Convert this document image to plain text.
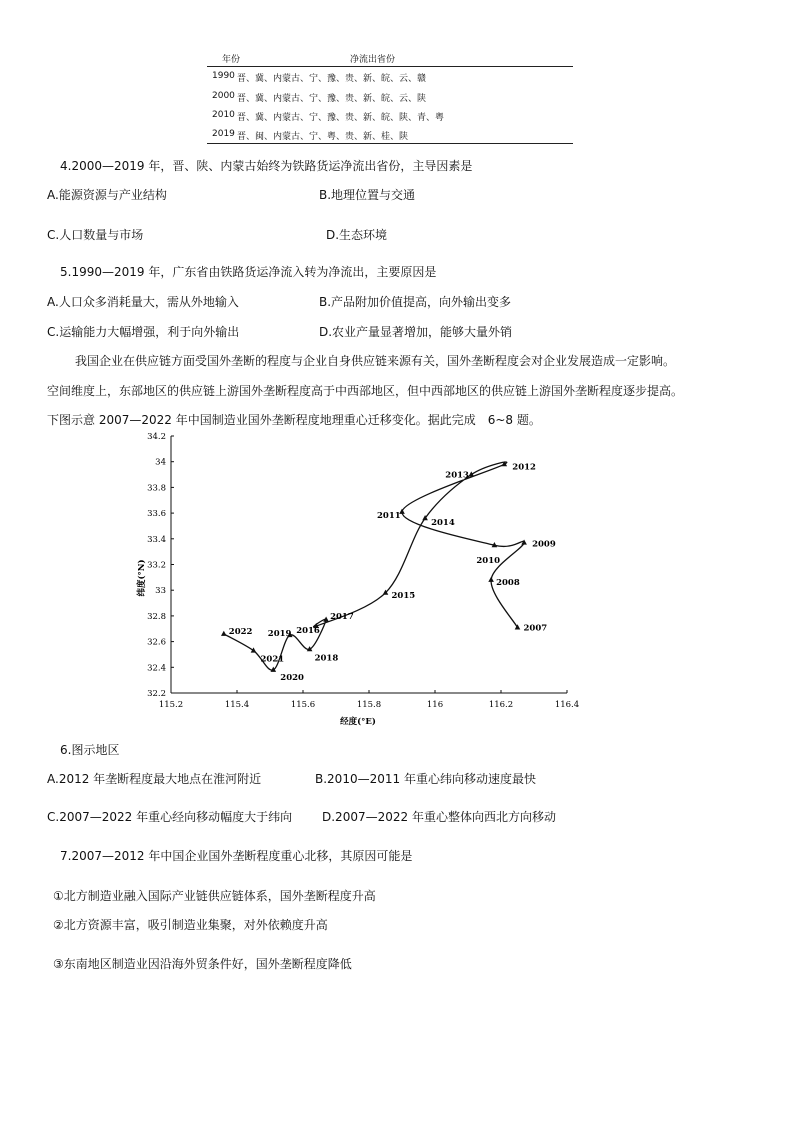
年份	净流出省份
1990 晋、冀、内蒙古、宁、豫、贵、新、皖、云、赣
2000 晋、冀、内蒙古、宁、豫、贵、新、皖、云、陕
2010 晋、冀、内蒙古、宁、豫、贵、新、皖、陕、青、粤
2019 晋、闽、内蒙古、宁、粤、贵、新、桂、陕
4.2000—2019 年，晋、陕、内蒙古始终为铁路货运净流出省份，主导因素是
A.能源资源与产业结构	B.地理位置与交通
C.人口数量与市场	D.生态环境
5.1990—2019 年，广东省由铁路货运净流入转为净流出，主要原因是
A.人口众多消耗量大，需从外地输入	B.产品附加价值提高，向外输出变多
C.运输能力大幅增强，利于向外输出	D.农业产量显著增加，能够大量外销
我国企业在供应链方面受国外垄断的程度与企业自身供应链来源有关，国外垄断程度会对企业发展造成一定影响。
空间维度上，东部地区的供应链上游国外垄断程度高于中西部地区，但中西部地区的供应链上游国外垄断程度逐步提高。
下图示意 2007—2022 年中国制造业国外垄断程度地理重心迁移变化。据此完成　6~8 题。
32.2
32.4
32.6
32.8
33
33.2
33.4
33.6
33.8
34
34.2
115.2	115.4	115.6	115.8	116	116.2	116.4
2007
2008
2009
2010
2011
2012
2013
2014
2015
2016
2017
2018
2019
2020
2021
2022
纬度(°N)
经度(°E)
6.图示地区
A.2012 年垄断程度最大地点在淮河附近	B.2010—2011 年重心纬向移动速度最快
C.2007—2022 年重心经向移动幅度大于纬向 D.2007—2022 年重心整体向西北方向移动
7.2007—2012 年中国企业国外垄断程度重心北移，其原因可能是
①北方制造业融入国际产业链供应链体系，国外垄断程度升高
②北方资源丰富，吸引制造业集聚，对外依赖度升高
③东南地区制造业因沿海外贸条件好，国外垄断程度降低
